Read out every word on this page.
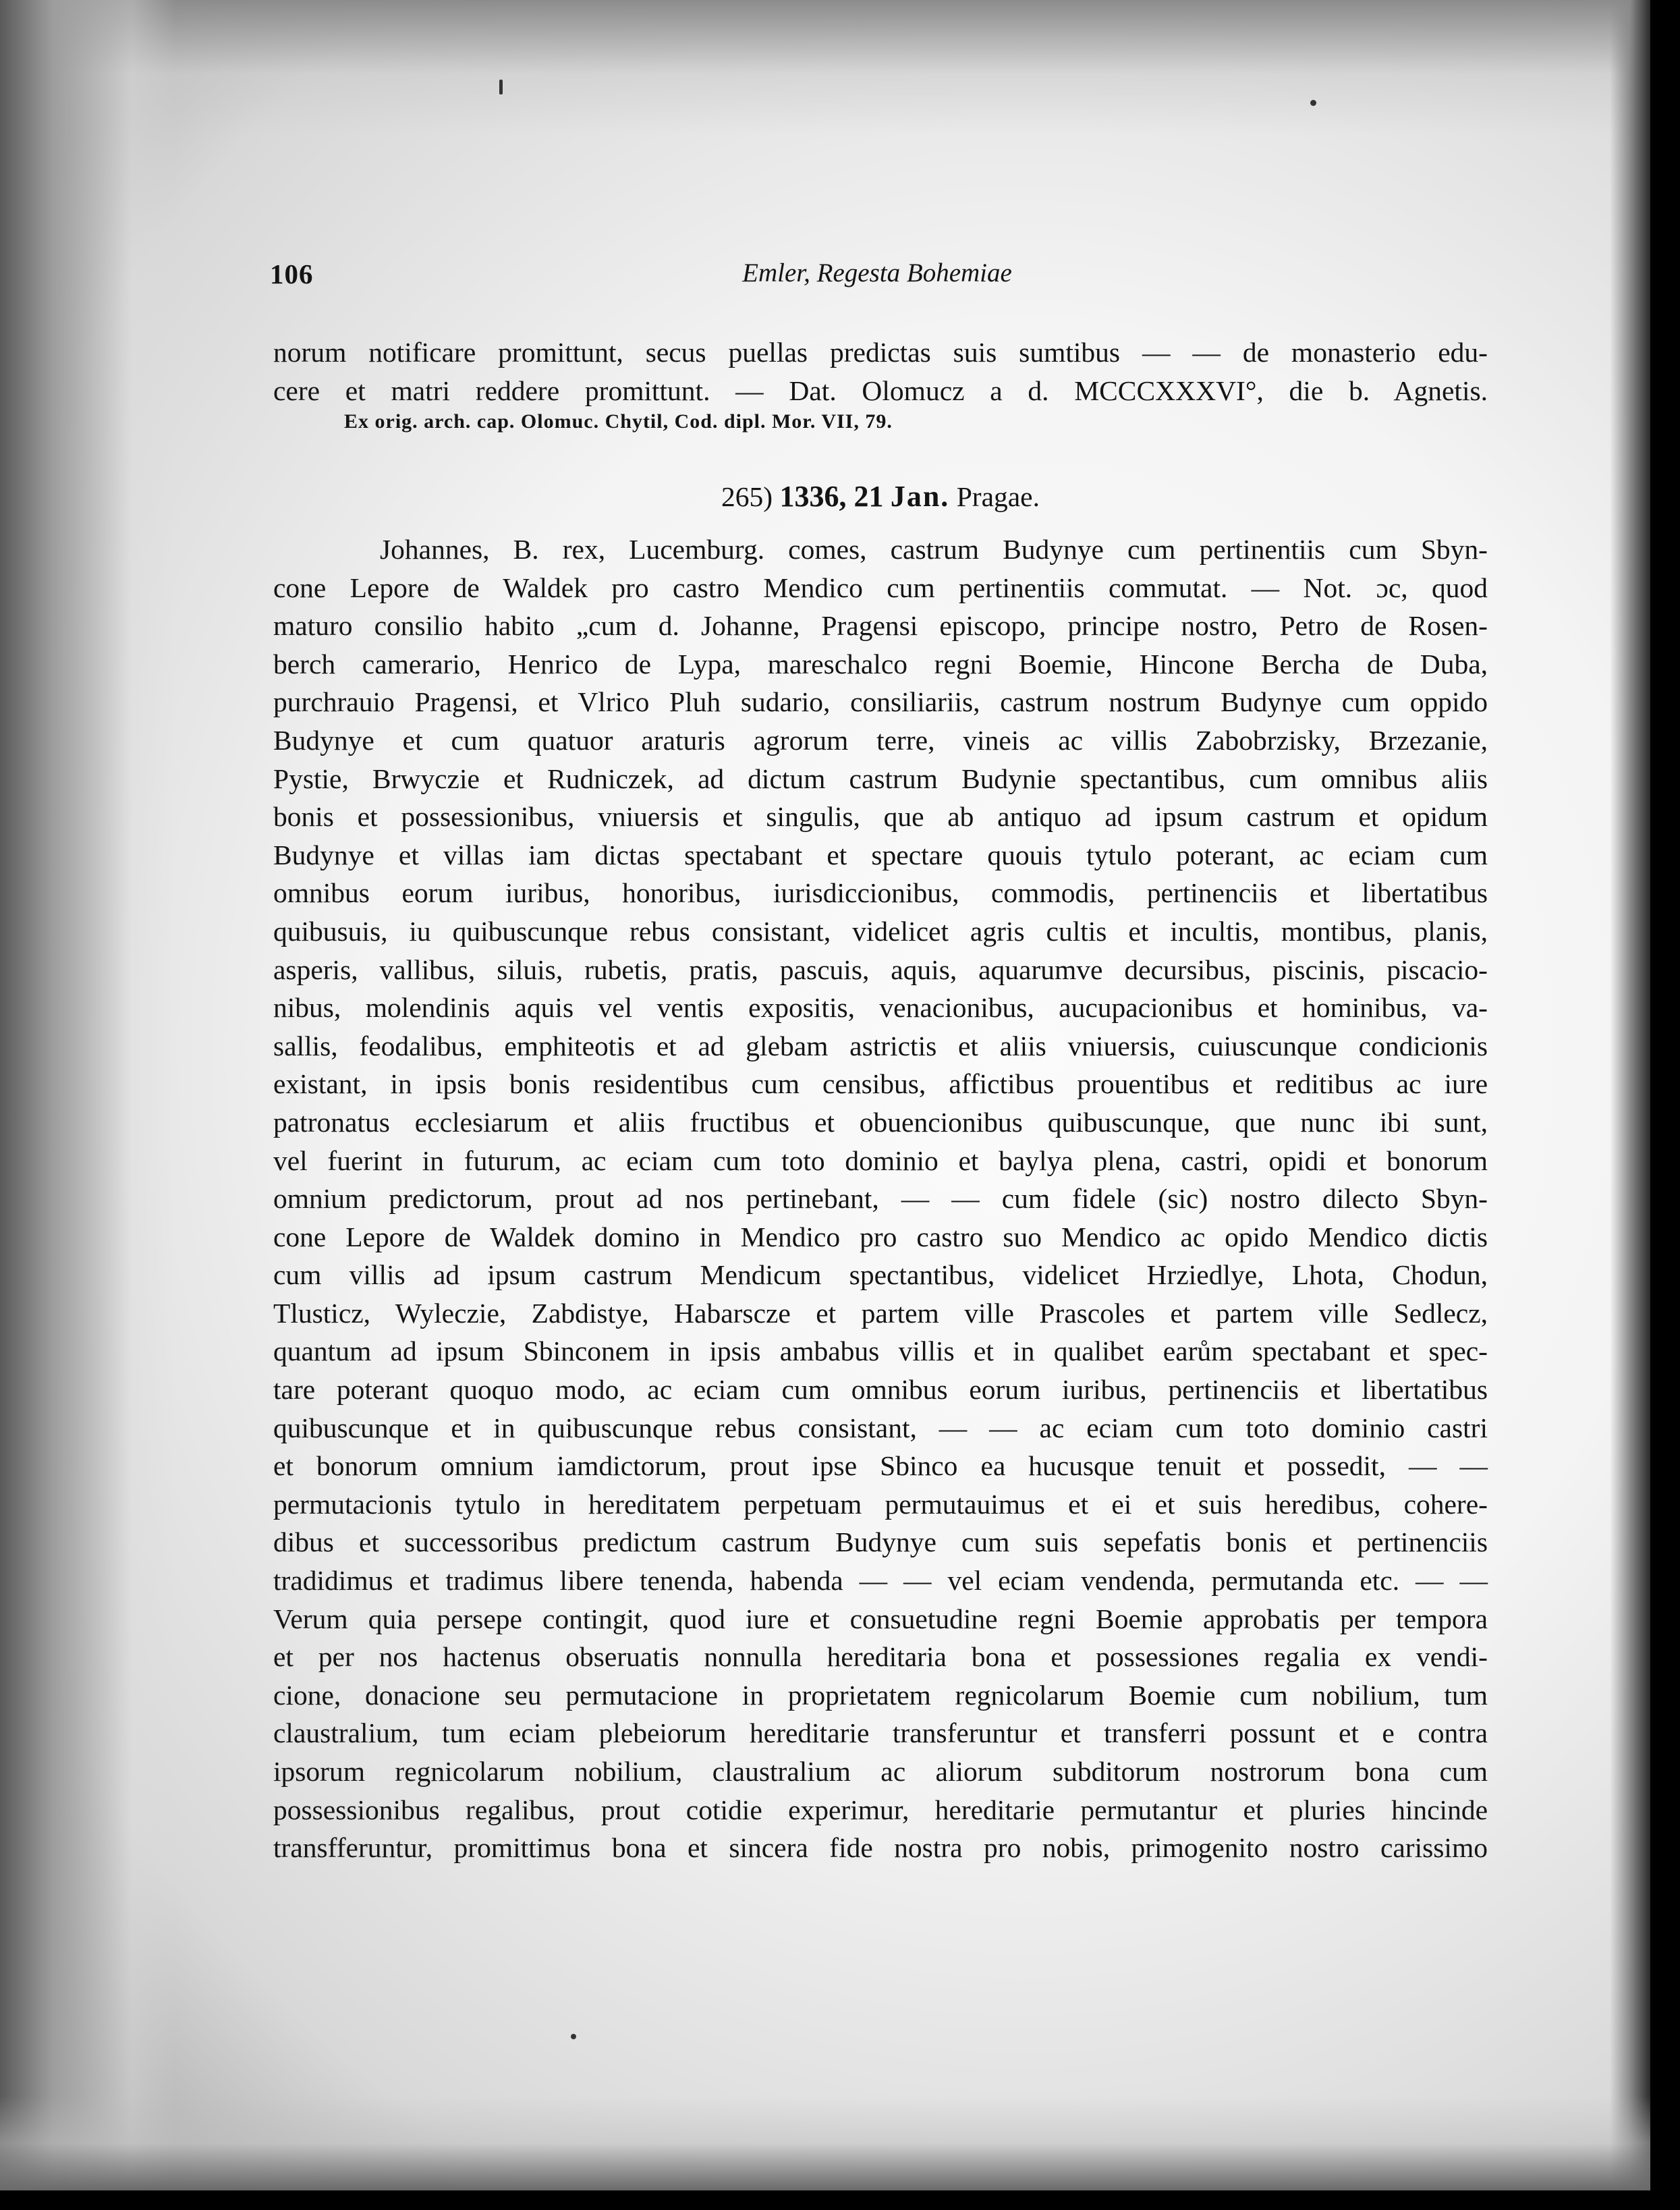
106	Emler, Regesta Bohemiae
norum notificare promittunt, secus puellas predictas suis sumtibus — — de monasterio edu-
cere et matri reddere promittunt. — Dat. Olomucz a d. MCCCXXXVI°, die b. Agnetis.
Ex orig. arch. cap. Olomuc. Chytil, Cod. dipl. Mor. VII, 79.
265) 1336, 21 Jan. Pragae.
Johannes, B. rex, Lucemburg. comes, castrum Budynye cum pertinentiis cum Sbyn-
cone Lepore de Waldek pro castro Mendico cum pertinentiis commutat. — Not. ɔc, quod
maturo consilio habito „cum d. Johanne, Pragensi episcopo, principe nostro, Petro de Rosen-
berch camerario, Henrico de Lypa, mareschalco regni Boemie, Hincone Bercha de Duba,
purchrauio Pragensi, et Vlrico Pluh sudario, consiliariis, castrum nostrum Budynye cum oppido
Budynye et cum quatuor araturis agrorum terre, vineis ac villis Zabobrzisky, Brzezanie,
Pystie, Brwyczie et Rudniczek, ad dictum castrum Budynie spectantibus, cum omnibus aliis
bonis et possessionibus, vniuersis et singulis, que ab antiquo ad ipsum castrum et opidum
Budynye et villas iam dictas spectabant et spectare quouis tytulo poterant, ac eciam cum
omnibus eorum iuribus, honoribus, iurisdiccionibus, commodis, pertinenciis et libertatibus
quibusuis, iu quibuscunque rebus consistant, videlicet agris cultis et incultis, montibus, planis,
asperis, vallibus, siluis, rubetis, pratis, pascuis, aquis, aquarumve decursibus, piscinis, piscacio-
nibus, molendinis aquis vel ventis expositis, venacionibus, aucupacionibus et hominibus, va-
sallis, feodalibus, emphiteotis et ad glebam astrictis et aliis vniuersis, cuiuscunque condicionis
existant, in ipsis bonis residentibus cum censibus, affictibus prouentibus et reditibus ac iure
patronatus ecclesiarum et aliis fructibus et obuencionibus quibuscunque, que nunc ibi sunt,
vel fuerint in futurum, ac eciam cum toto dominio et baylya plena, castri, opidi et bonorum
omnium predictorum, prout ad nos pertinebant, — — cum fidele (sic) nostro dilecto Sbyn-
cone Lepore de Waldek domino in Mendico pro castro suo Mendico ac opido Mendico dictis
cum villis ad ipsum castrum Mendicum spectantibus, videlicet Hrziedlye, Lhota, Chodun,
Tlusticz, Wyleczie, Zabdistye, Habarscze et partem ville Prascoles et partem ville Sedlecz,
quantum ad ipsum Sbinconem in ipsis ambabus villis et in qualibet earům spectabant et spec-
tare poterant quoquo modo, ac eciam cum omnibus eorum iuribus, pertinenciis et libertatibus
quibuscunque et in quibuscunque rebus consistant, — — ac eciam cum toto dominio castri
et bonorum omnium iamdictorum, prout ipse Sbinco ea hucusque tenuit et possedit, — —
permutacionis tytulo in hereditatem perpetuam permutauimus et ei et suis heredibus, cohere-
dibus et successoribus predictum castrum Budynye cum suis sepefatis bonis et pertinenciis
tradidimus et tradimus libere tenenda, habenda — — vel eciam vendenda, permutanda etc. — —
Verum quia persepe contingit, quod iure et consuetudine regni Boemie approbatis per tempora
et per nos hactenus obseruatis nonnulla hereditaria bona et possessiones regalia ex vendi-
cione, donacione seu permutacione in proprietatem regnicolarum Boemie cum nobilium, tum
claustralium, tum eciam plebeiorum hereditarie transferuntur et transferri possunt et e contra
ipsorum regnicolarum nobilium, claustralium ac aliorum subditorum nostrorum bona cum
possessionibus regalibus, prout cotidie experimur, hereditarie permutantur et pluries hincinde
transfferuntur, promittimus bona et sincera fide nostra pro nobis, primogenito nostro carissimo
